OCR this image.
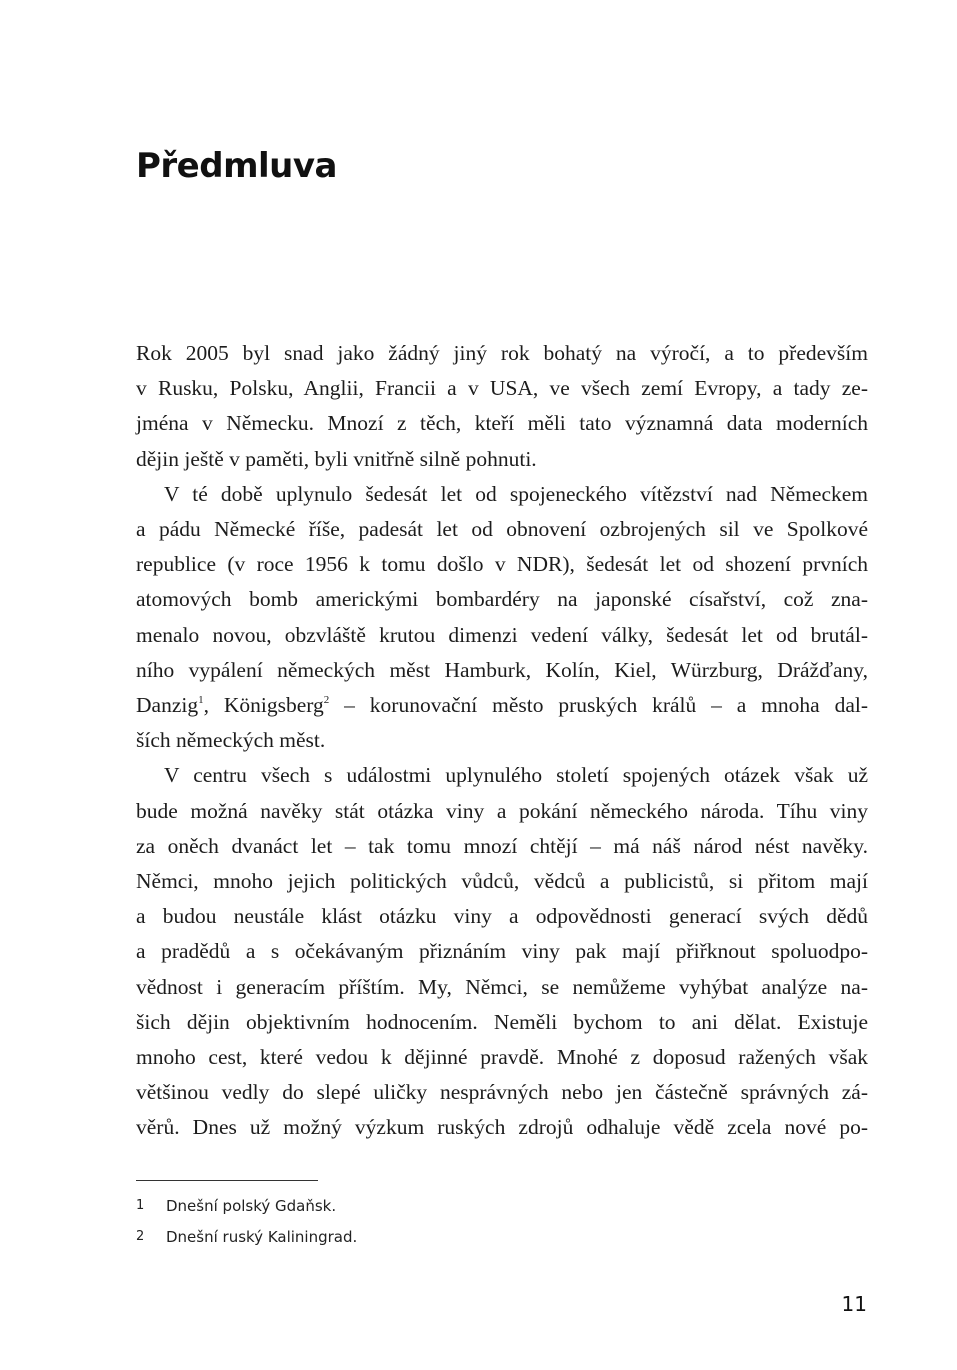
Předmluva

Rok 2005 byl snad jako žádný jiný rok bohatý na výročí, a to především
v Rusku, Polsku, Anglii, Francii a v USA, ve všech zemí Evropy, a tady ze-
jména v Německu. Mnozí z těch, kteří měli tato významná data moderních
dějin ještě v paměti, byli vnitřně silně pohnuti.

V té době uplynulo šedesát let od spojeneckého vítězství nad Německem
a pádu Německé říše, padesát let od obnovení ozbrojených sil ve Spolkové
republice (v roce 1956 k tomu došlo v NDR), šedesát let od shození prvních
atomových bomb americkými bombardéry na japonské císařství, což zna-
menalo novou, obzvláště krutou dimenzi vedení války, šedesát let od brutál-
ního vypálení německých měst Hamburk, Kolín, Kiel, Würzburg, Drážďany,
Danzig$^1$, Königsberg$^2$ – korunovační město pruských králů – a mnoha dal-
ších německých měst.

V centru všech s událostmi uplynulého století spojených otázek však už
bude možná navěky stát otázka viny a pokání německého národa. Tíhu viny
za oněch dvanáct let – tak tomu mnozí chtějí – má náš národ nést navěky.
Němci, mnoho jejich politických vůdců, vědců a publicistů, si přitom mají
a budou neustále klást otázku viny a odpovědnosti generací svých dědů
a pradědů a s očekávaným přiznáním viny pak mají přiřknout spoluodpo-
vědnost i generacím příštím. My, Němci, se nemůžeme vyhýbat analýze na-
šich dějin objektivním hodnocením. Neměli bychom to ani dělat. Existuje
mnoho cest, které vedou k dějinné pravdě. Mnohé z doposud ražených však
většinou vedly do slepé uličky nesprávných nebo jen částečně správných zá-
věrů. Dnes už možný výzkum ruských zdrojů odhaluje vědě zcela nové po-

1	Dnešní polský Gdaňsk.
2	Dnešní ruský Kaliningrad.
11
